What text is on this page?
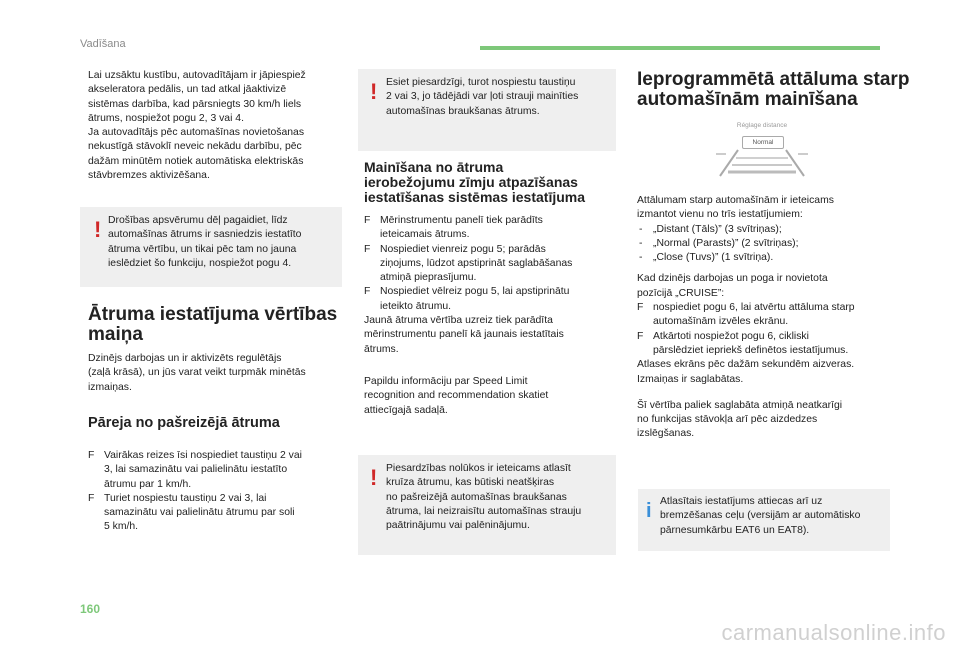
Vadīšana

Lai uzsāktu kustību, autovadītājam ir jāpiespiež

akseleratora pedālis, un tad atkal jāaktivizē

sistēmas darbība, kad pārsniegts 30 km/h liels

ātrums, nospiežot pogu 2, 3 vai 4.

Ja autovadītājs pēc automašīnas novietošanas

nekustīgā stāvoklī neveic nekādu darbību, pēc

dažām minūtēm notiek automātiska elektriskās

stāvbremzes aktivizēšana.

! Drošības apsvērumu dēļ pagaidiet, līdz

automašīnas ātrums ir sasniedzis iestatīto

ātruma vērtību, un tikai pēc tam no jauna

ieslēdziet šo funkciju, nospiežot pogu 4.

Ātruma iestatījuma vērtības
maiņa

Dzinējs darbojas un ir aktivizēts regulētājs

(zaļā krāsā), un jūs varat veikt turpmāk minētās

izmaiņas.

Pāreja no pašreizējā ātruma
F Vairākas reizes īsi nospiediet taustiņu 2 vai

3, lai samazinātu vai palielinātu iestatīto

ātrumu par 1 km/h.

F Turiet nospiestu taustiņu 2 vai 3, lai

samazinātu vai palielinātu ātrumu par soli

5 km/h.

! Esiet piesardzīgi, turot nospiestu taustiņu

2 vai 3, jo tādējādi var ļoti strauji mainīties

automašīnas braukšanas ātrums.

Mainīšana no ātruma
ierobežojumu zīmju atpazīšanas
iestatīšanas sistēmas iestatījuma
F Mērinstrumentu panelī tiek parādīts

ieteicamais ātrums.

F Nospiediet vienreiz pogu 5; parādās

ziņojums, lūdzot apstiprināt saglabāšanas

atmiņā pieprasījumu.

F Nospiediet vēlreiz pogu 5, lai apstiprinātu

ieteikto ātrumu.

Jaunā ātruma vērtība uzreiz tiek parādīta

mērinstrumentu panelī kā jaunais iestatītais

ātrums.

Papildu informāciju par Speed Limit

recognition and recommendation skatiet

attiecīgajā sadaļā.

! Piesardzības nolūkos ir ieteicams atlasīt

kruīza ātrumu, kas būtiski neatšķiras

no pašreizējā automašīnas braukšanas

ātruma, lai neizraisītu automašīnas strauju

paātrinājumu vai palēninājumu.

Ieprogrammētā attāluma starp
automašīnām mainīšana
Réglage distance
Normal

Attālumam starp automašīnām ir ieteicams

izmantot vienu no trīs iestatījumiem:

- „Distant (Tāls)” (3 svītriņas);

- „Normal (Parasts)” (2 svītriņas);

- „Close (Tuvs)” (1 svītriņa).

Kad dzinējs darbojas un poga ir novietota

pozīcijā „CRUISE”:

F nospiediet pogu 6, lai atvērtu attāluma starp

automašīnām izvēles ekrānu.

F Atkārtoti nospiežot pogu 6, cikliski

pārslēdziet iepriekš definētos iestatījumus.

Atlases ekrāns pēc dažām sekundēm aizveras.

Izmaiņas ir saglabātas.

Šī vērtība paliek saglabāta atmiņā neatkarīgi

no funkcijas stāvokļa arī pēc aizdedzes

izslēgšanas.

i Atlasītais iestatījums attiecas arī uz

bremzēšanas ceļu (versijām ar automātisko

pārnesumkārbu EAT6 un EAT8).

160
carmanualsonline.info
